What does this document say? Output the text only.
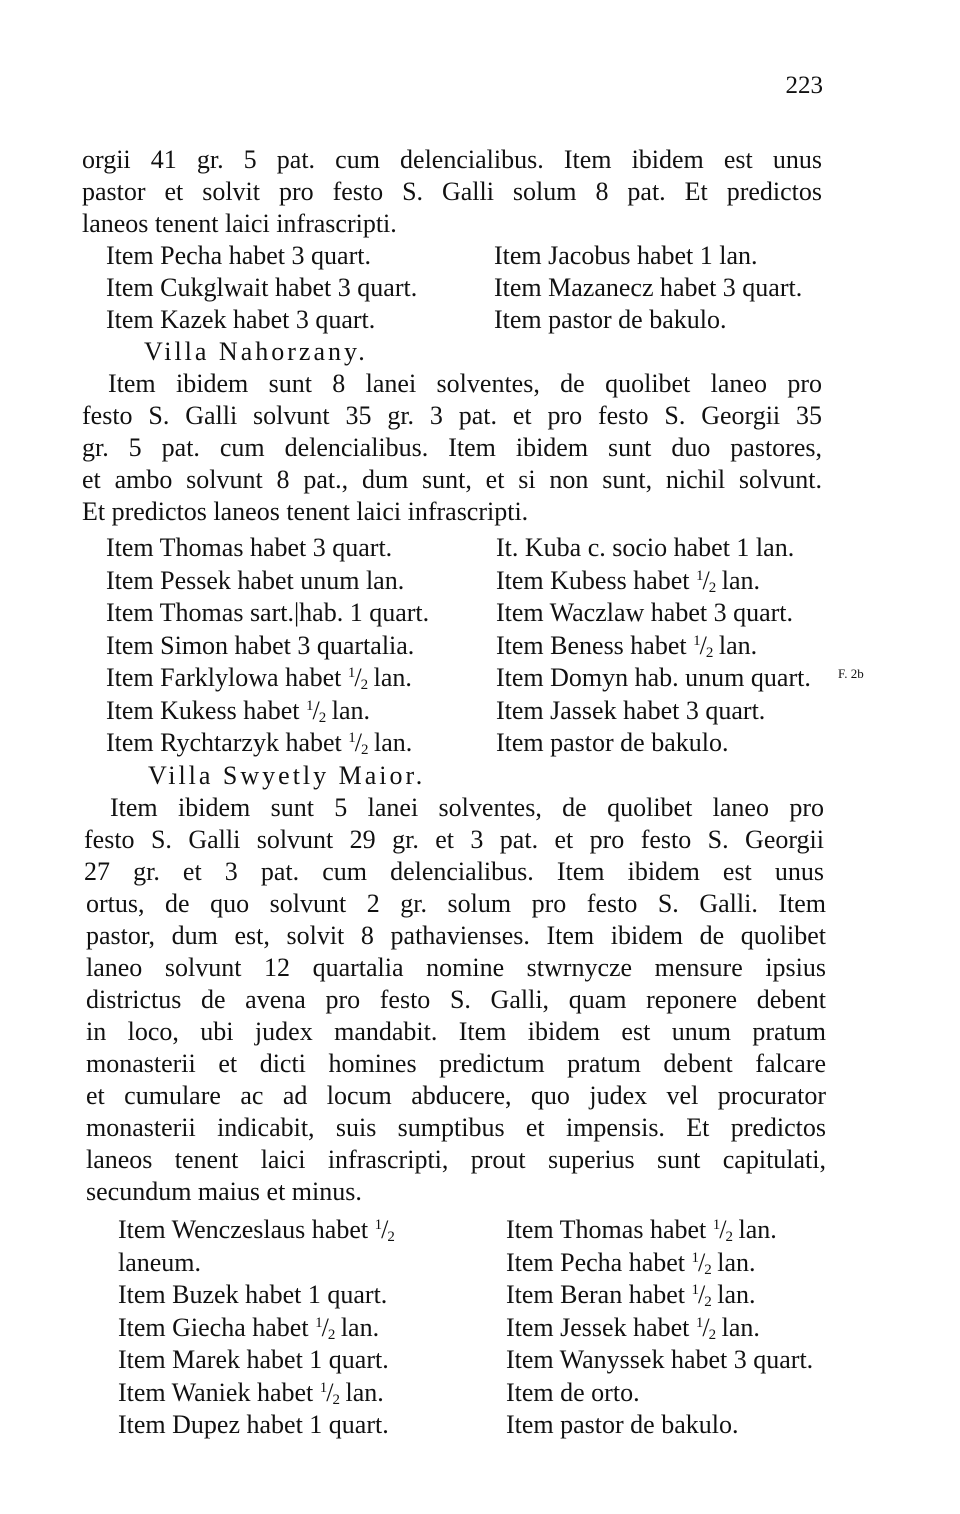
223
orgii 41 gr. 5 pat. cum delencialibus. Item ibidem est unus
pastor et solvit pro festo S. Galli solum 8 pat. Et predictos
laneos tenent laici infrascripti.
Item Pecha habet 3 quart.
Item Cukglwait habet 3 quart.
Item Kazek habet 3 quart.
Item Jacobus habet 1 lan.
Item Mazanecz habet 3 quart.
Item pastor de bakulo.
Villa Nahorzany.
Item ibidem sunt 8 lanei solventes, de quolibet laneo pro
festo S. Galli solvunt 35 gr. 3 pat. et pro festo S. Georgii 35
gr. 5 pat. cum delencialibus. Item ibidem sunt duo pastores,
et ambo solvunt 8 pat., dum sunt, et si non sunt, nichil solvunt.
Et predictos laneos tenent laici infrascripti.
Item Thomas habet 3 quart.
Item Pessek habet unum lan.
Item Thomas sart.|hab. 1 quart.
Item Simon habet 3 quartalia.
Item Farklylowa habet $^1/_2$ lan.
Item Kukess habet $^1/_2$ lan.
Item Rychtarzyk habet $^1/_2$ lan.
It. Kuba c. socio habet 1 lan.
Item Kubess habet $^1/_2$ lan.
Item Waczlaw habet 3 quart.
Item Beness habet $^1/_2$ lan.
Item Domyn hab. unum quart.
Item Jassek habet 3 quart.
Item pastor de bakulo.
F. 2b
Villa Swyetly Maior.
Item ibidem sunt 5 lanei solventes, de quolibet laneo pro
festo S. Galli solvunt 29 gr. et 3 pat. et pro festo S. Georgii
27 gr. et 3 pat. cum delencialibus. Item ibidem est unus
ortus, de quo solvunt 2 gr. solum pro festo S. Galli. Item
pastor, dum est, solvit 8 pathavienses. Item ibidem de quolibet
laneo solvunt 12 quartalia nomine stwrnycze mensure ipsius
districtus de avena pro festo S. Galli, quam reponere debent
in loco, ubi judex mandabit. Item ibidem est unum pratum
monasterii et dicti homines predictum pratum debent falcare
et cumulare ac ad locum abducere, quo judex vel procurator
monasterii indicabit, suis sumptibus et impensis. Et predictos
laneos tenent laici infrascripti, prout superius sunt capitulati,
secundum maius et minus.
Item Wenczeslaus habet $^1/_2$
laneum.
Item Buzek habet 1 quart.
Item Giecha habet $^1/_2$ lan.
Item Marek habet 1 quart.
Item Waniek habet $^1/_2$ lan.
Item Dupez habet 1 quart.
Item Thomas habet $^1/_2$ lan.
Item Pecha habet $^1/_2$ lan.
Item Beran habet $^1/_2$ lan.
Item Jessek habet $^1/_2$ lan.
Item Wanyssek habet 3 quart.
Item de orto.
Item pastor de bakulo.
